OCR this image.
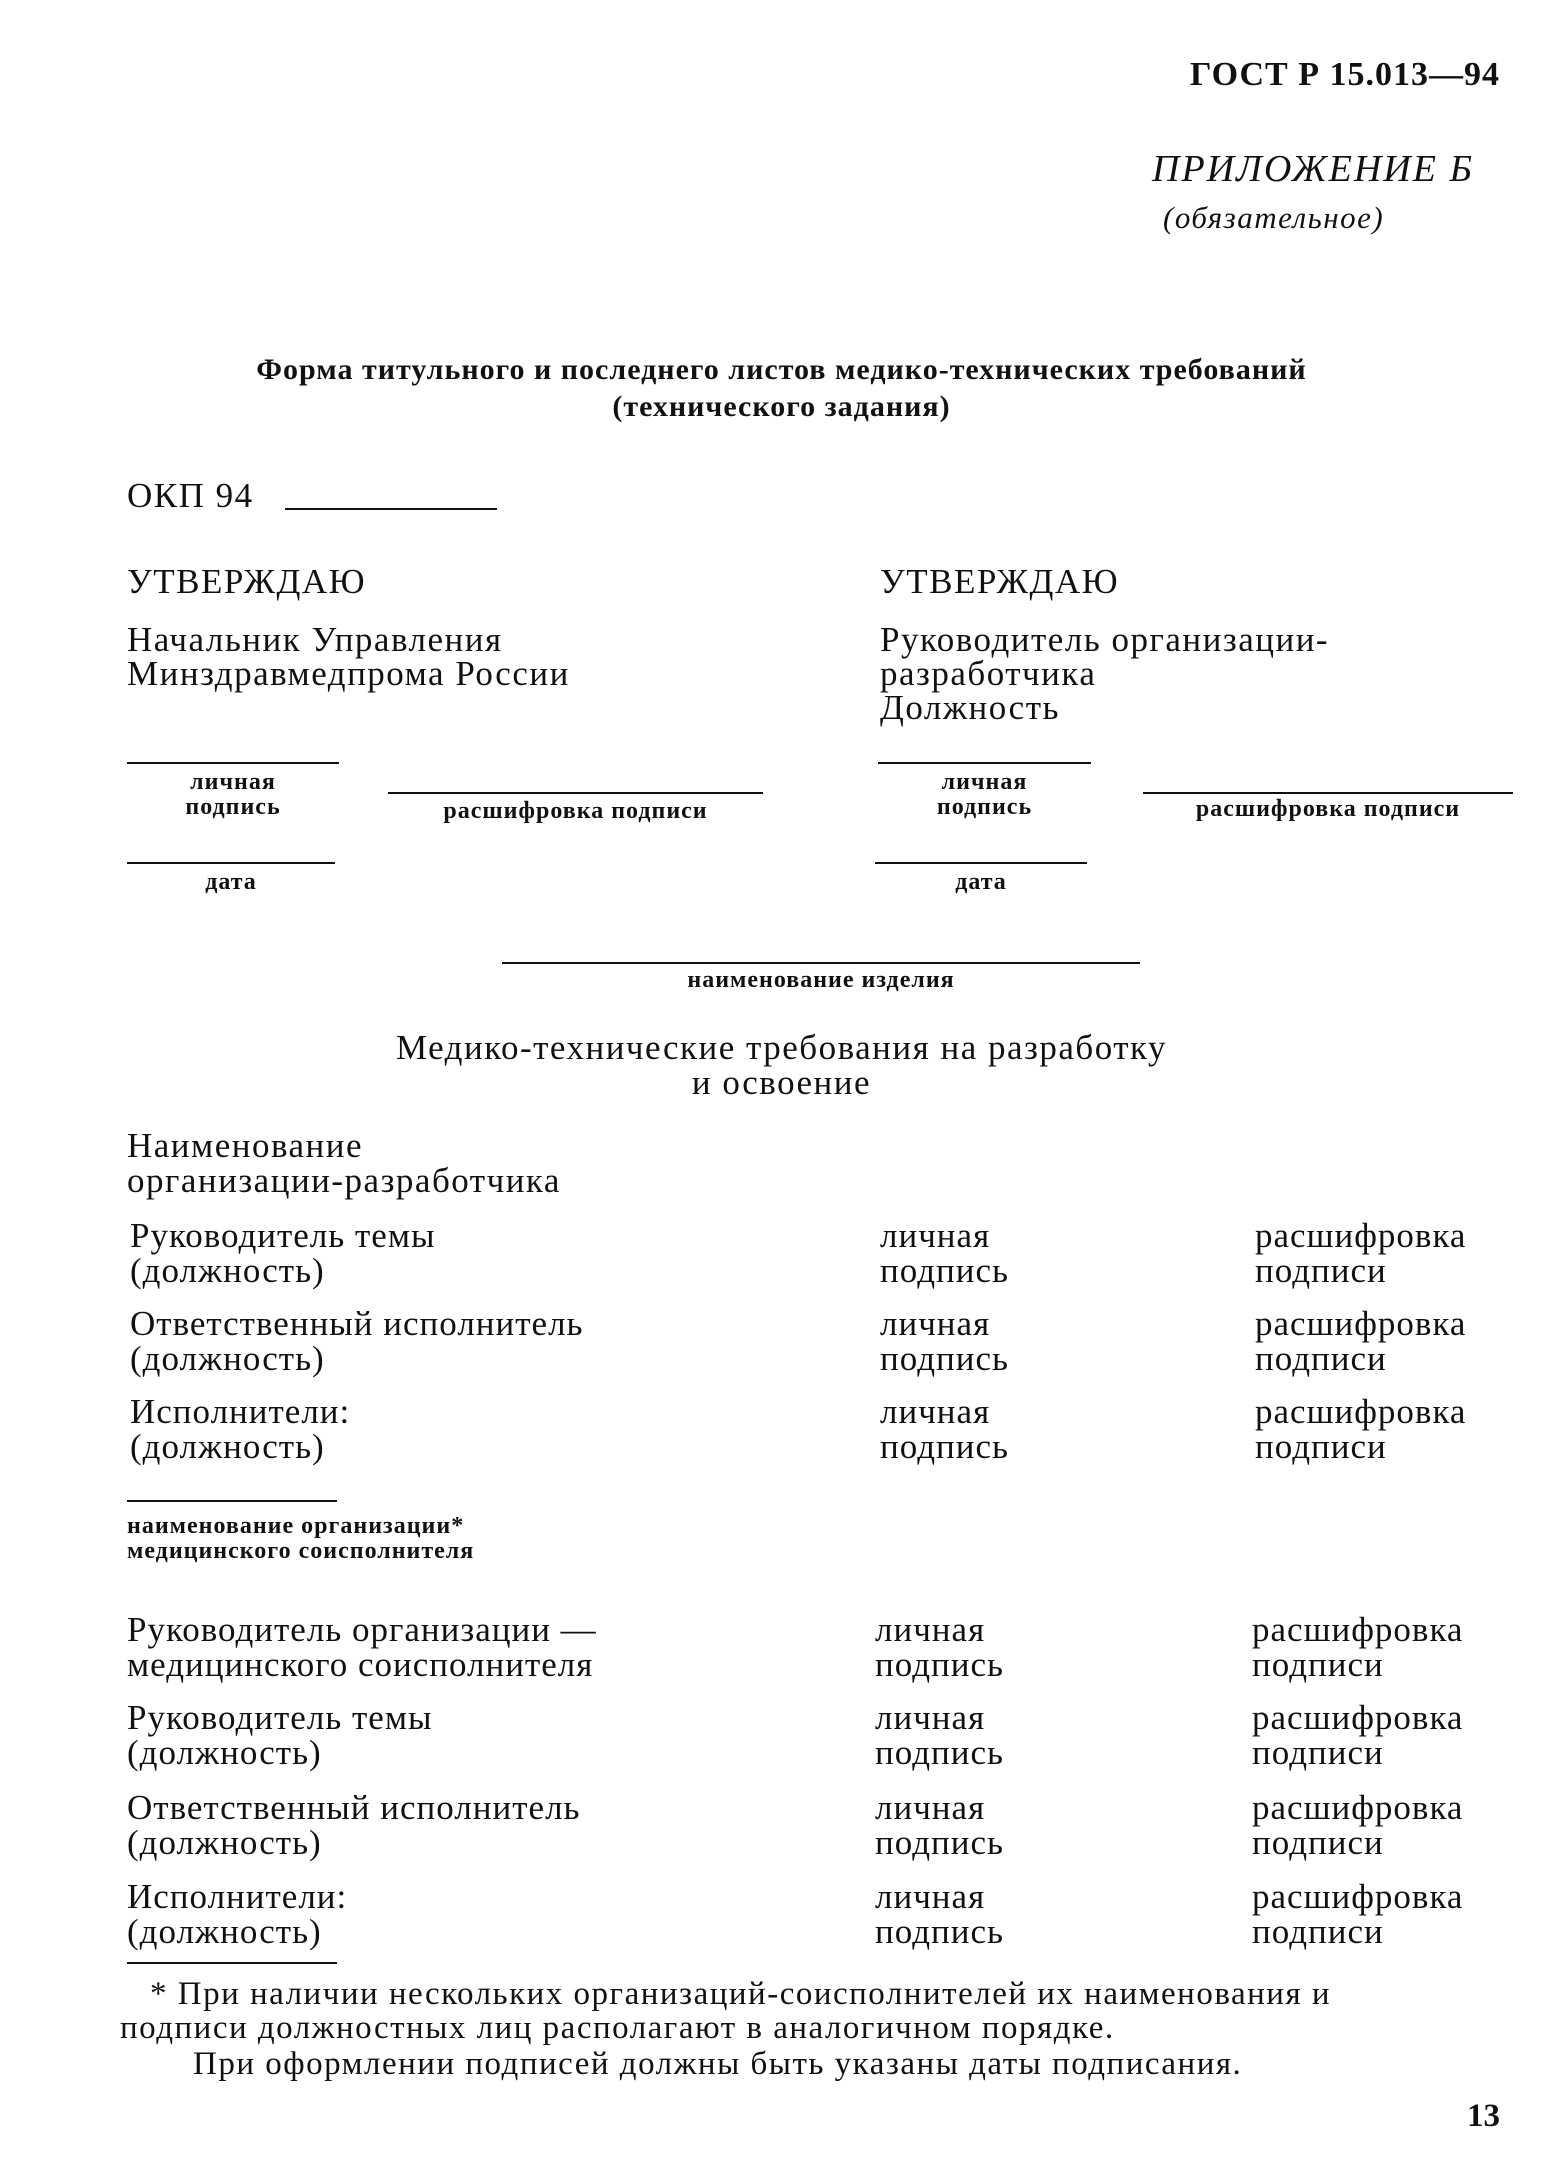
ГОСТ Р 15.013—94
ПРИЛОЖЕНИЕ Б
(обязательное)
Форма титульного и последнего листов медико-технических требований
(технического задания)
ОКП 94
УТВЕРЖДАЮ
Начальник Управления
Минздравмедпрома России
личная
подпись	расшифровка подписи
дата
УТВЕРЖДАЮ
Руководитель организации-
разработчика
Должность
личная
подпись	расшифровка подписи
дата
наименование изделия
Медико-технические требования на разработку
и освоение
Наименование
организации-разработчика
Руководитель темы
(должность)
личная
подпись
расшифровка
подписи
Ответственный исполнитель
(должность)
личная
подпись
расшифровка
подписи
Исполнители:
(должность)
личная
подпись
расшифровка
подписи
наименование организации*
медицинского соисполнителя
Руководитель организации —
медицинского соисполнителя
личная
подпись
расшифровка
подписи
Руководитель темы
(должность)
личная
подпись
расшифровка
подписи
Ответственный исполнитель
(должность)
личная
подпись
расшифровка
подписи
Исполнители:
(должность)
личная
подпись
расшифровка
подписи
* При наличии нескольких организаций-соисполнителей их наименования и
подписи должностных лиц располагают в аналогичном порядке.
При оформлении подписей должны быть указаны даты подписания.
13
